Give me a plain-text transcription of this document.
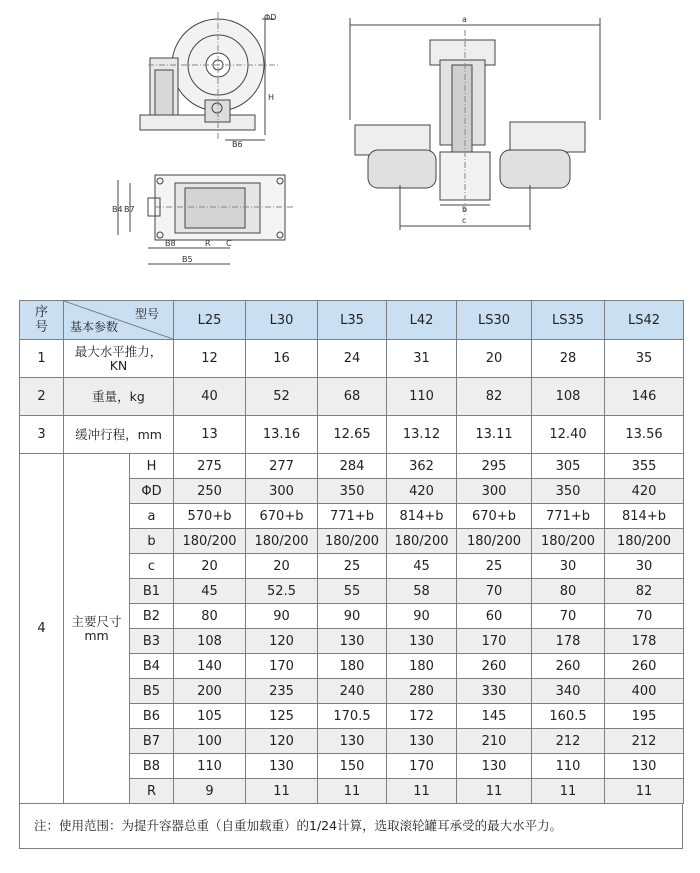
ΦD
H
B6
a
b
c
B4 B7
B8	R C
B5
序号	型号
基本参数		L25	L30	L35	L42	LS30	LS35	LS42
1	最大水平推力，KN		12	16	24	31	20	28	35
2	重量，kg		40	52	68	110	82	108	146
3	缓冲行程，mm		13	13.16	12.65	13.12	13.11	12.40	13.56
4	主要尺寸mm	H	275	277	284	362	295	305	355
		ΦD	250	300	350	420	300	350	420
		a	570+b	670+b	771+b	814+b	670+b	771+b	814+b
		b	180/200	180/200	180/200	180/200	180/200	180/200	180/200
		c	20	20	25	45	25	30	30
		B1	45	52.5	55	58	70	80	82
		B2	80	90	90	90	60	70	70
		B3	108	120	130	130	170	178	178
		B4	140	170	180	180	260	260	260
		B5	200	235	240	280	330	340	400
		B6	105	125	170.5	172	145	160.5	195
		B7	100	120	130	130	210	212	212
		B8	110	130	150	170	130	110	130
		R	9	11	11	11	11	11	11
注：使用范围：为提升容器总重（自重加载重）的1/24计算，选取滚轮罐耳承受的最大水平力。
